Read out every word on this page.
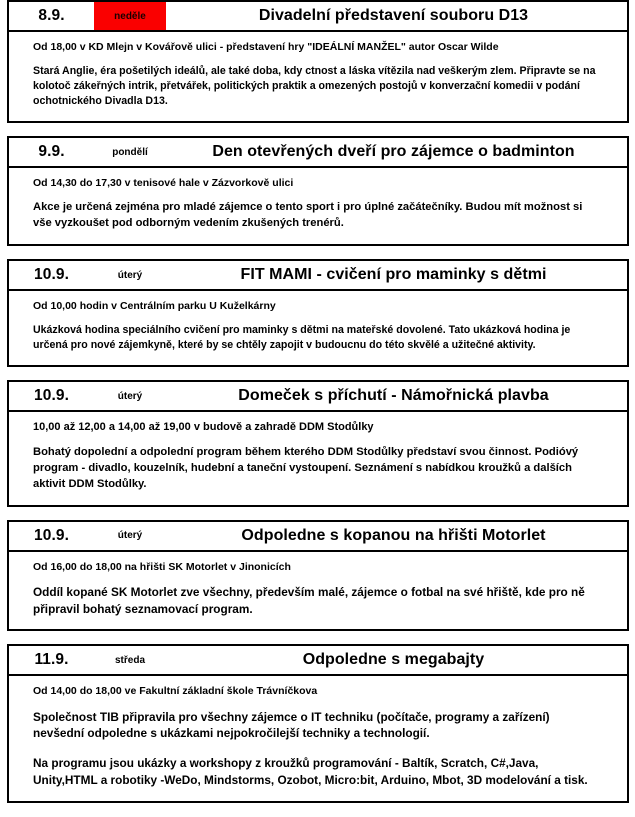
8.9.	neděle	Divadelní představení souboru D13

Od 18,00 v KD Mlejn v Kovářově ulici - představení hry "IDEÁLNÍ MANŽEL" autor Oscar Wilde

Stará Anglie, éra pošetilých ideálů, ale také doba, kdy ctnost a láska vítězila nad veškerým zlem. Připravte se na kolotoč zákeřných intrik, přetvářek, politických praktik a omezených postojů v konverzační komedii v podání ochotnického Divadla D13.

9.9.	pondělí	Den otevřených dveří pro zájemce o badminton

Od 14,30 do 17,30 v tenisové hale v Zázvorkově ulici

Akce je určená zejména pro mladé zájemce o tento sport i pro úplné začátečníky. Budou mít možnost si vše vyzkoušet pod odborným vedením zkušených trenérů.

10.9.	úterý	FIT MAMI - cvičení pro maminky s dětmi

Od 10,00 hodin v Centrálním parku U Kuželkárny

Ukázková hodina speciálního cvičení pro maminky s dětmi na mateřské dovolené. Tato ukázková hodina je určená pro nové zájemkyně, které by se chtěly zapojit v budoucnu do této skvělé a užitečné aktivity.

10.9.	úterý	Domeček s příchutí - Námořnická plavba

10,00 až 12,00 a 14,00 až 19,00 v budově a zahradě DDM Stodůlky

Bohatý dopolední a odpolední program během kterého DDM Stodůlky představí svou činnost. Podióvý program - divadlo, kouzelník, hudební a taneční vystoupení. Seznámení s nabídkou kroužků a dalších aktivit DDM Stodůlky.

10.9.	úterý	Odpoledne s kopanou na hřišti Motorlet

Od 16,00 do 18,00 na hřišti SK Motorlet v Jinonicích

Oddíl kopané SK Motorlet zve všechny, především malé, zájemce o fotbal na své hřiště, kde pro ně připravil bohatý seznamovací program.

11.9.	středa	Odpoledne s megabajty

Od 14,00 do 18,00 ve Fakultní základní škole Trávníčkova

Společnost TIB připravila pro všechny zájemce o IT techniku (počítače, programy a zařízení) nevšední odpoledne s ukázkami nejpokročilejší techniky a technologií.

Na programu jsou ukázky a workshopy z kroužků programování - Baltík, Scratch, C#,Java, Unity,HTML a robotiky -WeDo, Mindstorms, Ozobot, Micro:bit, Arduino, Mbot, 3D modelování a tisk.
